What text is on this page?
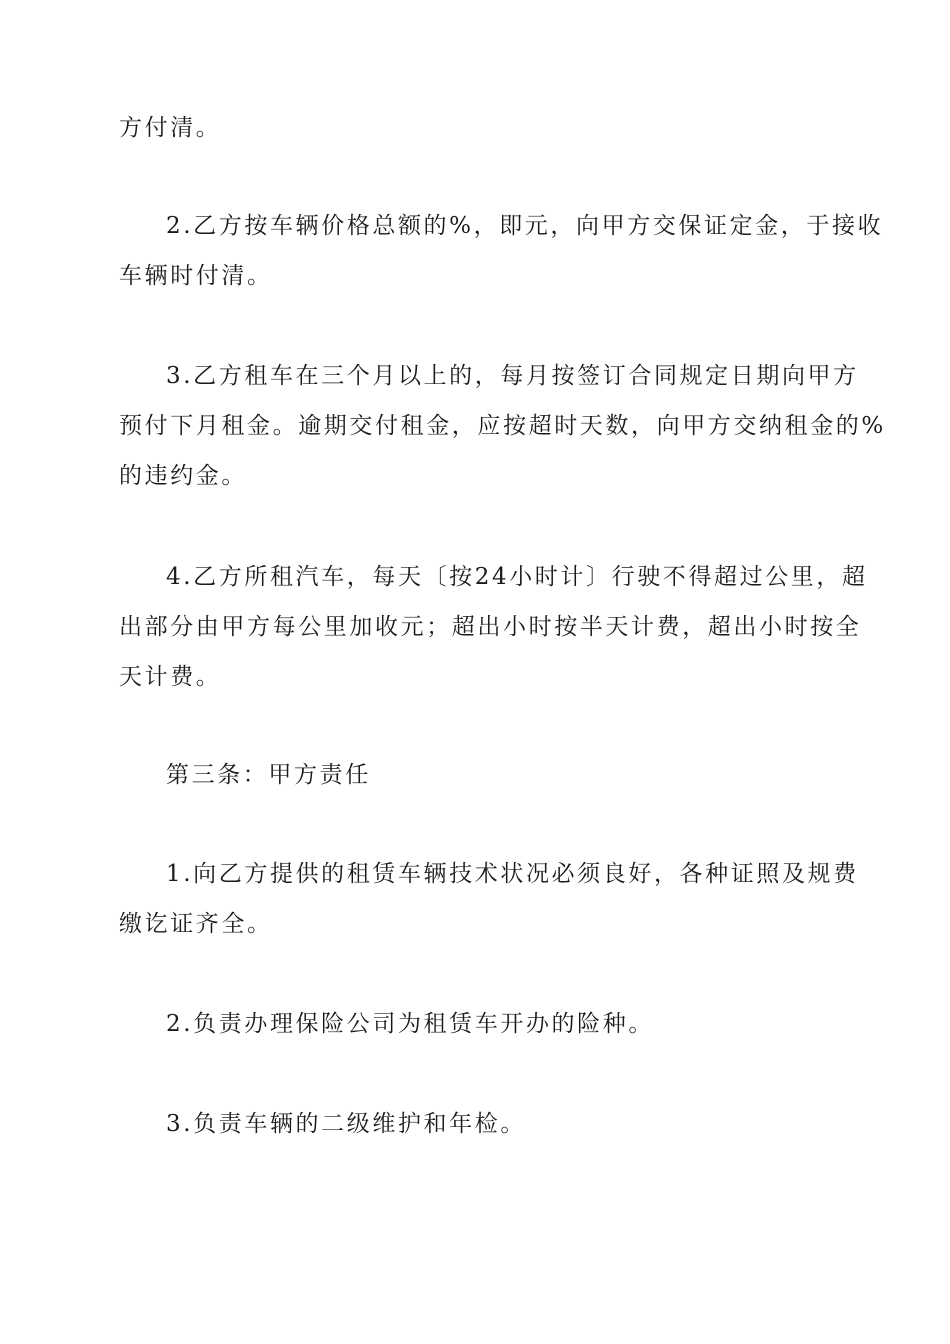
方付清。

2.乙方按车辆价格总额的%，即元，向甲方交保证定金，于接收
车辆时付清。

3.乙方租车在三个月以上的，每月按签订合同规定日期向甲方
预付下月租金。逾期交付租金，应按超时天数，向甲方交纳租金的%
的违约金。

4.乙方所租汽车，每天〔按24小时计〕行驶不得超过公里，超
出部分由甲方每公里加收元；超出小时按半天计费，超出小时按全
天计费。

第三条：甲方责任

1.向乙方提供的租赁车辆技术状况必须良好，各种证照及规费
缴讫证齐全。

2.负责办理保险公司为租赁车开办的险种。

3.负责车辆的二级维护和年检。
